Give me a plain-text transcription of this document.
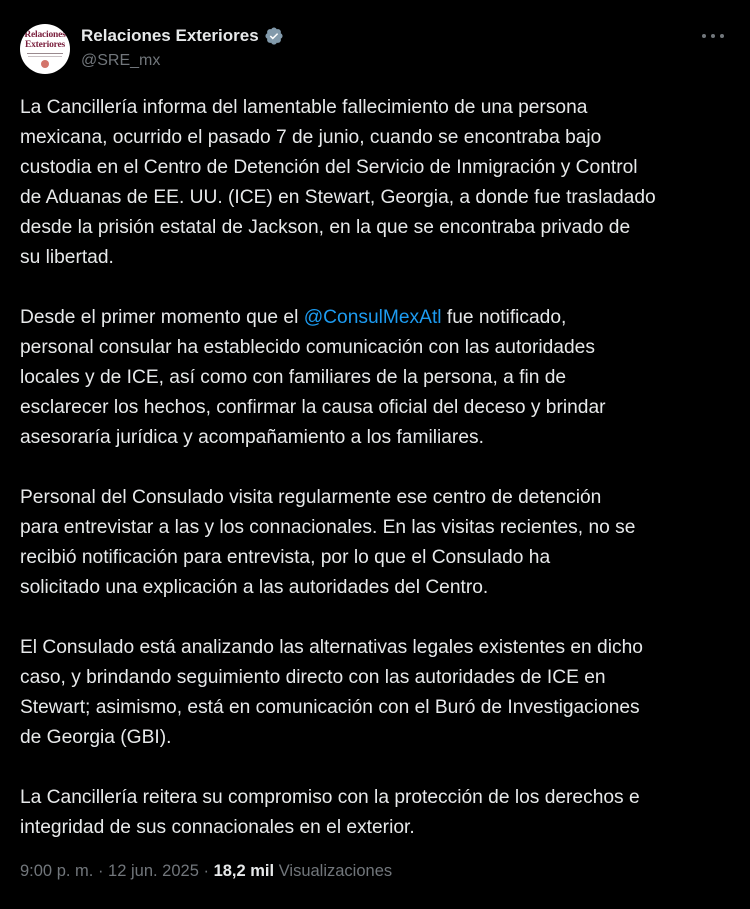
Relaciones
Exteriores Relaciones Exteriores
@SRE_mx

La Cancillería informa del lamentable fallecimiento de una persona
mexicana, ocurrido el pasado 7 de junio, cuando se encontraba bajo
custodia en el Centro de Detención del Servicio de Inmigración y Control
de Aduanas de EE. UU. (ICE) en Stewart, Georgia, a donde fue trasladado
desde la prisión estatal de Jackson, en la que se encontraba privado de
su libertad.

Desde el primer momento que el @ConsulMexAtl fue notificado,
personal consular ha establecido comunicación con las autoridades
locales y de ICE, así como con familiares de la persona, a fin de
esclarecer los hechos, confirmar la causa oficial del deceso y brindar
asesoraría jurídica y acompañamiento a los familiares.

Personal del Consulado visita regularmente ese centro de detención
para entrevistar a las y los connacionales. En las visitas recientes, no se
recibió notificación para entrevista, por lo que el Consulado ha
solicitado una explicación a las autoridades del Centro.

El Consulado está analizando las alternativas legales existentes en dicho
caso, y brindando seguimiento directo con las autoridades de ICE en
Stewart; asimismo, está en comunicación con el Buró de Investigaciones
de Georgia (GBI).

La Cancillería reitera su compromiso con la protección de los derechos e
integridad de sus connacionales en el exterior.

9:00 p. m. · 12 jun. 2025 · 18,2 mil Visualizaciones
